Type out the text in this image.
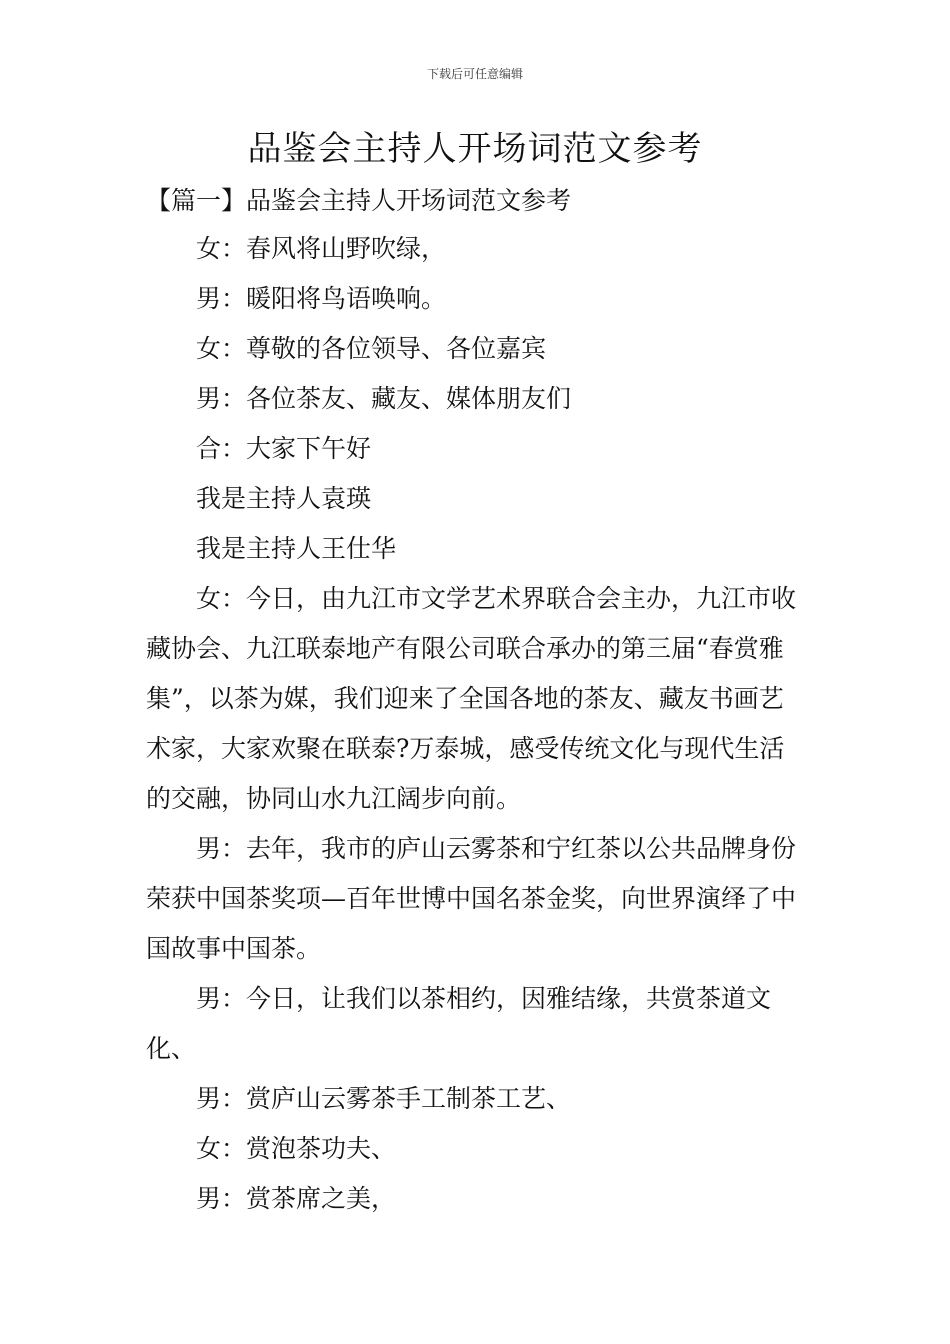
下载后可任意编辑
品鉴会主持人开场词范文参考
【篇一】品鉴会主持人开场词范文参考

女：春风将山野吹绿，

男：暖阳将鸟语唤响。

女：尊敬的各位领导、各位嘉宾

男：各位茶友、藏友、媒体朋友们

合：大家下午好

我是主持人袁瑛

我是主持人王仕华

女：今日，由九江市文学艺术界联合会主办，九江市收藏协会、九江联泰地产有限公司联合承办的第三届“春赏雅集”，以茶为媒，我们迎来了全国各地的茶友、藏友书画艺术家，大家欢聚在联泰?万泰城，感受传统文化与现代生活的交融，协同山水九江阔步向前。

男：去年，我市的庐山云雾茶和宁红茶以公共品牌身份荣获中国茶奖项—百年世博中国名茶金奖，向世界演绎了中国故事中国茶。

男：今日，让我们以茶相约，因雅结缘，共赏茶道文化、

男：赏庐山云雾茶手工制茶工艺、

女：赏泡茶功夫、

男：赏茶席之美，
